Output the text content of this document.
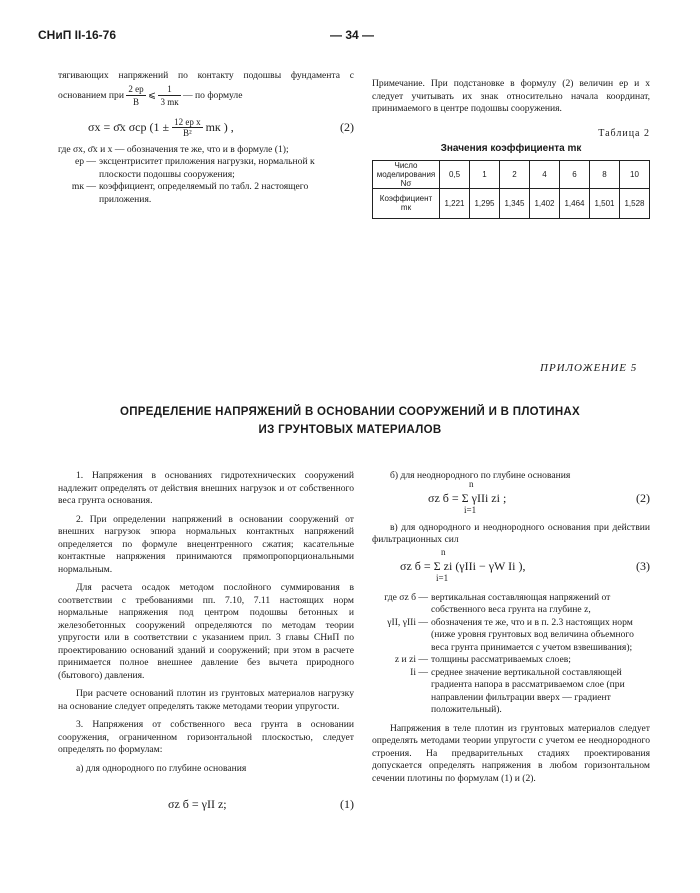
СНиП II-16-76	— 34 —

тягивающих напряжений по контакту подошвы фундамента с основанием при $\frac{2 eр}{B}$ ⩽ $\frac{1}{3 mк}$ — по формуле

σx = σ̄x σср ($1 \pm \frac{\text{12 eр x}}{\text{B²}}$ mк ) ,	(2)

где σx, σ̄x и x — обозначения те же, что и в формуле (1);

eр — эксцентриситет приложения нагрузки, нормальной к плоскости подошвы сооружения;
mк — коэффициент, определяемый по табл. 2 настоящего приложения.

Примечание. При подстановке в формулу (2) величин eр и x следует учитывать их знак относительно начала координат, принимаемого в центре подошвы сооружения.

Таблица 2
Значения коэффициента mк
Число моделирования Nσ	0,5	1	2	4	6	8	10
Коэффициент mк	1,221	1,295	1,345	1,402	1,464	1,501	1,528
ПРИЛОЖЕНИЕ 5
ОПРЕДЕЛЕНИЕ НАПРЯЖЕНИЙ В ОСНОВАНИИ СООРУЖЕНИЙ И В ПЛОТИНАХ
ИЗ ГРУНТОВЫХ МАТЕРИАЛОВ

1. Напряжения в основаниях гидротехнических сооружений надлежит определять от действия внешних нагрузок и от собственного веса грунта основания.

2. При определении напряжений в основании сооружений от внешних нагрузок эпюра нормальных контактных напряжений определяется по формуле внецентренного сжатия; касательные контактные напряжения принимаются прямопропорциональными нормальным.

Для расчета осадок методом послойного суммирования в соответствии с требованиями пп. 7.10, 7.11 настоящих норм нормальные напряжения под центром подошвы бетонных и железобетонных сооружений определяются по методам теории упругости или в соответствии с указанием прил. 3 главы СНиП по проектированию оснований зданий и сооружений; при этом в расчете принимается полное внешнее давление без вычета природного (бытового) давления.

При расчете оснований плотин из грунтовых материалов нагрузку на основание следует определять также методами теории упругости.

3. Напряжения от собственного веса грунта в основании сооружения, ограниченном горизонтальной плоскостью, следует определять по формулам:

а) для однородного по глубине основания

σz б = γII z;	(1)

б) для неоднородного по глубине основания

σz б = Σ γIIi zi ;
n
i=1
(2)

в) для однородного и неоднородного основания при действии фильтрационных сил

σz б = Σ zi (γIIi − γW Ii ),
n
i=1
(3)
где σz б — вертикальная составляющая напряжений от собственного веса грунта на глубине z,
γII, γIIi — обозначения те же, что и в п. 2.3 настоящих норм (ниже уровня грунтовых вод величина объемного веса грунта принимается с учетом взвешивания);
z и zi — толщины рассматриваемых слоев;
Ii — среднее значение вертикальной составляющей градиента напора в рассматриваемом слое (при направлении фильтрации вверх — градиент положительный).

Напряжения в теле плотин из грунтовых материалов следует определять методами теории упругости с учетом ее неоднородного строения. На предварительных стадиях проектирования допускается определять напряжения в любом горизонтальном сечении плотины по формулам (1) и (2).
